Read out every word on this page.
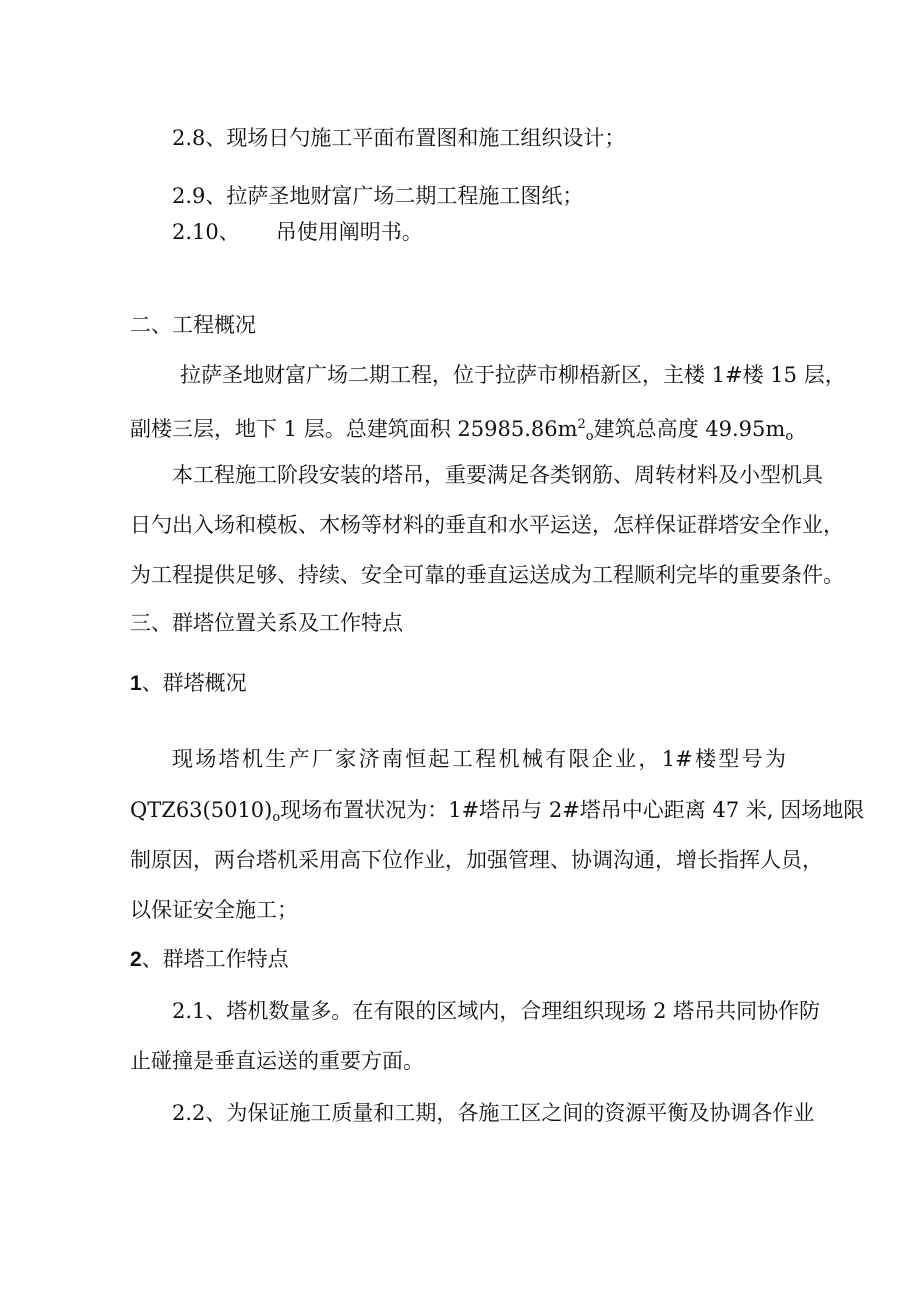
2.8、现场日勺施工平面布置图和施工组织设计；
2.9、拉萨圣地财富广场二期工程施工图纸；
2.10、 吊使用阐明书。
二、工程概况
拉萨圣地财富广场二期工程，位于拉萨市柳梧新区，主楼 1#楼 15 层，
副楼三层，地下 1 层。总建筑面积 $25985.86m^2_o$建筑总高度 $49.95m_o$
本工程施工阶段安装的塔吊，重要满足各类钢筋、周转材料及小型机具
日勺出入场和模板、木杨等材料的垂直和水平运送，怎样保证群塔安全作业，
为工程提供足够、持续、安全可靠的垂直运送成为工程顺利完毕的重要条件。
三、群塔位置关系及工作特点
1、群塔概况
现场塔机生产厂家济南恒起工程机械有限企业，1#楼型号为
$QTZ63(5010)_o$现场布置状况为：1#塔吊与 2#塔吊中心距离 47 米, 因场地限
制原因，两台塔机采用高下位作业，加强管理、协调沟通，增长指挥人员，
以保证安全施工；
2、群塔工作特点
2.1、塔机数量多。在有限的区域内，合理组织现场 2 塔吊共同协作防
止碰撞是垂直运送的重要方面。
2.2、为保证施工质量和工期，各施工区之间的资源平衡及协调各作业
